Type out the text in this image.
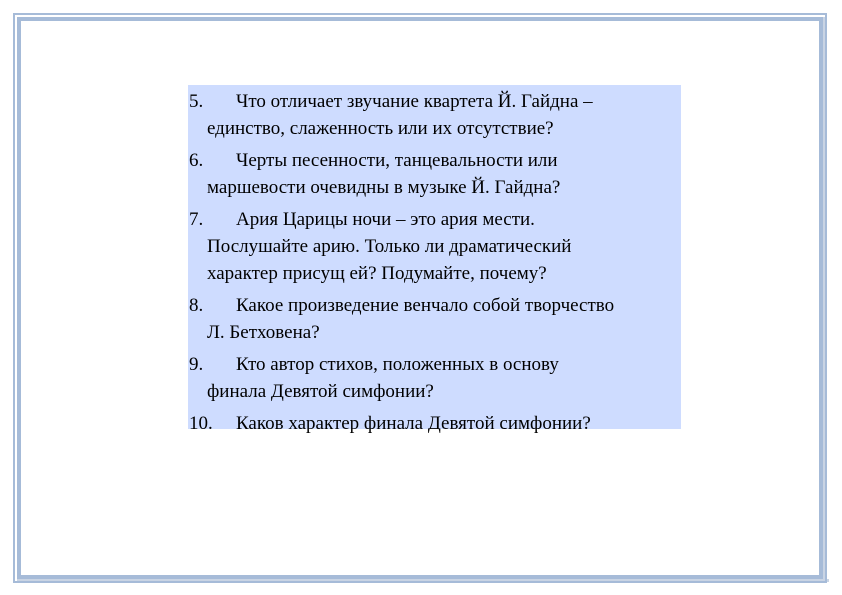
5.	Что отличает звучание квартета Й. Гайдна –
единство, слаженность или их отсутствие?
6.	Черты песенности, танцевальности или
маршевости очевидны в музыке Й. Гайдна?
7.	Ария Царицы ночи – это ария мести.
Послушайте арию. Только ли драматический
характер присущ ей? Подумайте, почему?
8.	Какое произведение венчало собой творчество
Л. Бетховена?
9.	Кто автор стихов, положенных в основу
финала Девятой симфонии?
10.	Каков характер финала Девятой симфонии?
